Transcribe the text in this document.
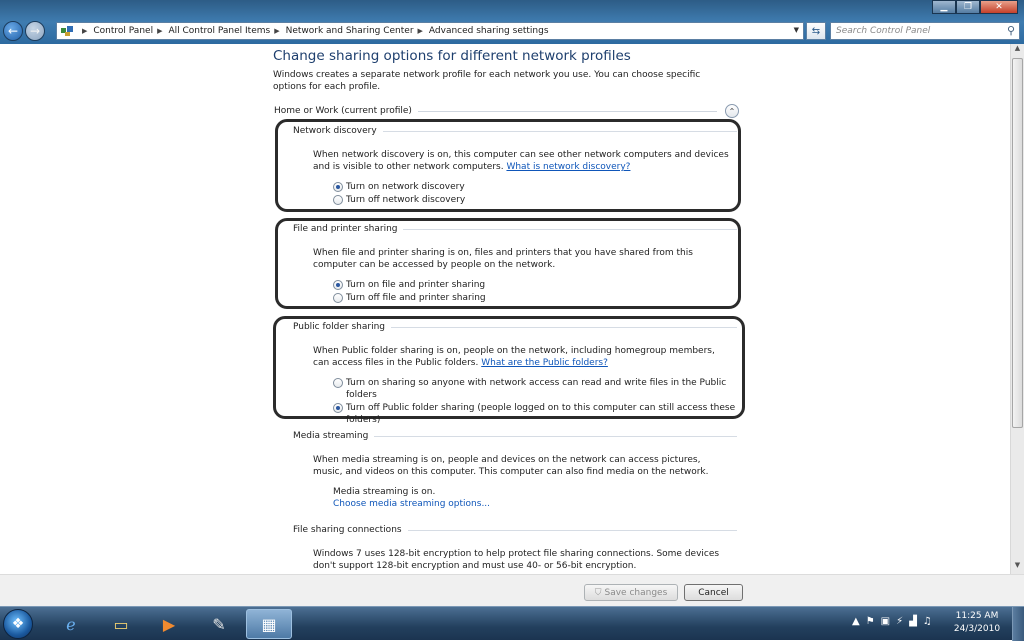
▁ ❐	✕
← →	▶ Control Panel ▶ All Control Panel Items ▶ Network and Sharing Center ▶ Advanced sharing settings	▼ ⇆ Search Control Panel	⚲
Change sharing options for different network profiles
Windows creates a separate network profile for each network you use. You can choose specific options for each profile.
Home or Work (current profile)	⌃
Network discovery
When network discovery is on, this computer can see other network computers and devices and is visible to other network computers. What is network discovery?
Turn on network discovery
Turn off network discovery
File and printer sharing
When file and printer sharing is on, files and printers that you have shared from this computer can be accessed by people on the network.
Turn on file and printer sharing
Turn off file and printer sharing
Public folder sharing
When Public folder sharing is on, people on the network, including homegroup members, can access files in the Public folders. What are the Public folders?
Turn on sharing so anyone with network access can read and write files in the Public folders
Turn off Public folder sharing (people logged on to this computer can still access these folders)
Media streaming
When media streaming is on, people and devices on the network can access pictures, music, and videos on this computer. This computer can also find media on the network.
Media streaming is on.
Choose media streaming options...
File sharing connections
Windows 7 uses 128-bit encryption to help protect file sharing connections. Some devices don't support 128-bit encryption and must use 40- or 56-bit encryption.
▲
▼
⛉ Save changes	Cancel
❖	ℯ	▭	▶	✎	▦	▲ ⚑ ▣ ⚡ ▟ ♫	11:25 AM
24/3/2010
